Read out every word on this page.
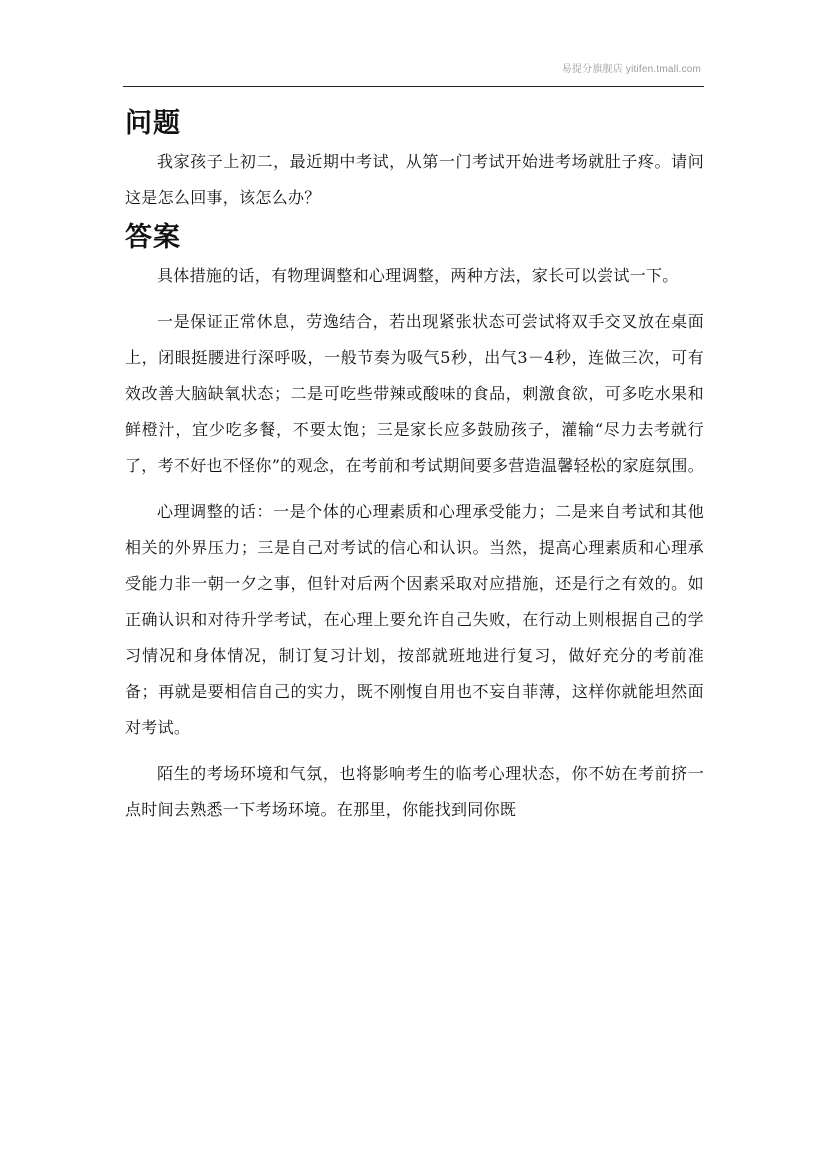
易提分旗舰店 yitifen.tmall.com
问题

我家孩子上初二，最近期中考试，从第一门考试开始进考场就肚子疼。请问这是怎么回事，该怎么办？

答案

具体措施的话，有物理调整和心理调整，两种方法，家长可以尝试一下。

一是保证正常休息，劳逸结合，若出现紧张状态可尝试将双手交叉放在桌面上，闭眼挺腰进行深呼吸，一般节奏为吸气5秒，出气3－4秒，连做三次，可有效改善大脑缺氧状态；二是可吃些带辣或酸味的食品，刺激食欲，可多吃水果和鲜橙汁，宜少吃多餐，不要太饱；三是家长应多鼓励孩子，灌输“尽力去考就行了，考不好也不怪你”的观念，在考前和考试期间要多营造温馨轻松的家庭氛围。

心理调整的话：一是个体的心理素质和心理承受能力；二是来自考试和其他相关的外界压力；三是自己对考试的信心和认识。当然，提高心理素质和心理承受能力非一朝一夕之事，但针对后两个因素采取对应措施，还是行之有效的。如正确认识和对待升学考试，在心理上要允许自己失败，在行动上则根据自己的学习情况和身体情况，制订复习计划，按部就班地进行复习，做好充分的考前准备；再就是要相信自己的实力，既不刚愎自用也不妄自菲薄，这样你就能坦然面对考试。

陌生的考场环境和气氛，也将影响考生的临考心理状态，你不妨在考前挤一点时间去熟悉一下考场环境。在那里，你能找到同你既
